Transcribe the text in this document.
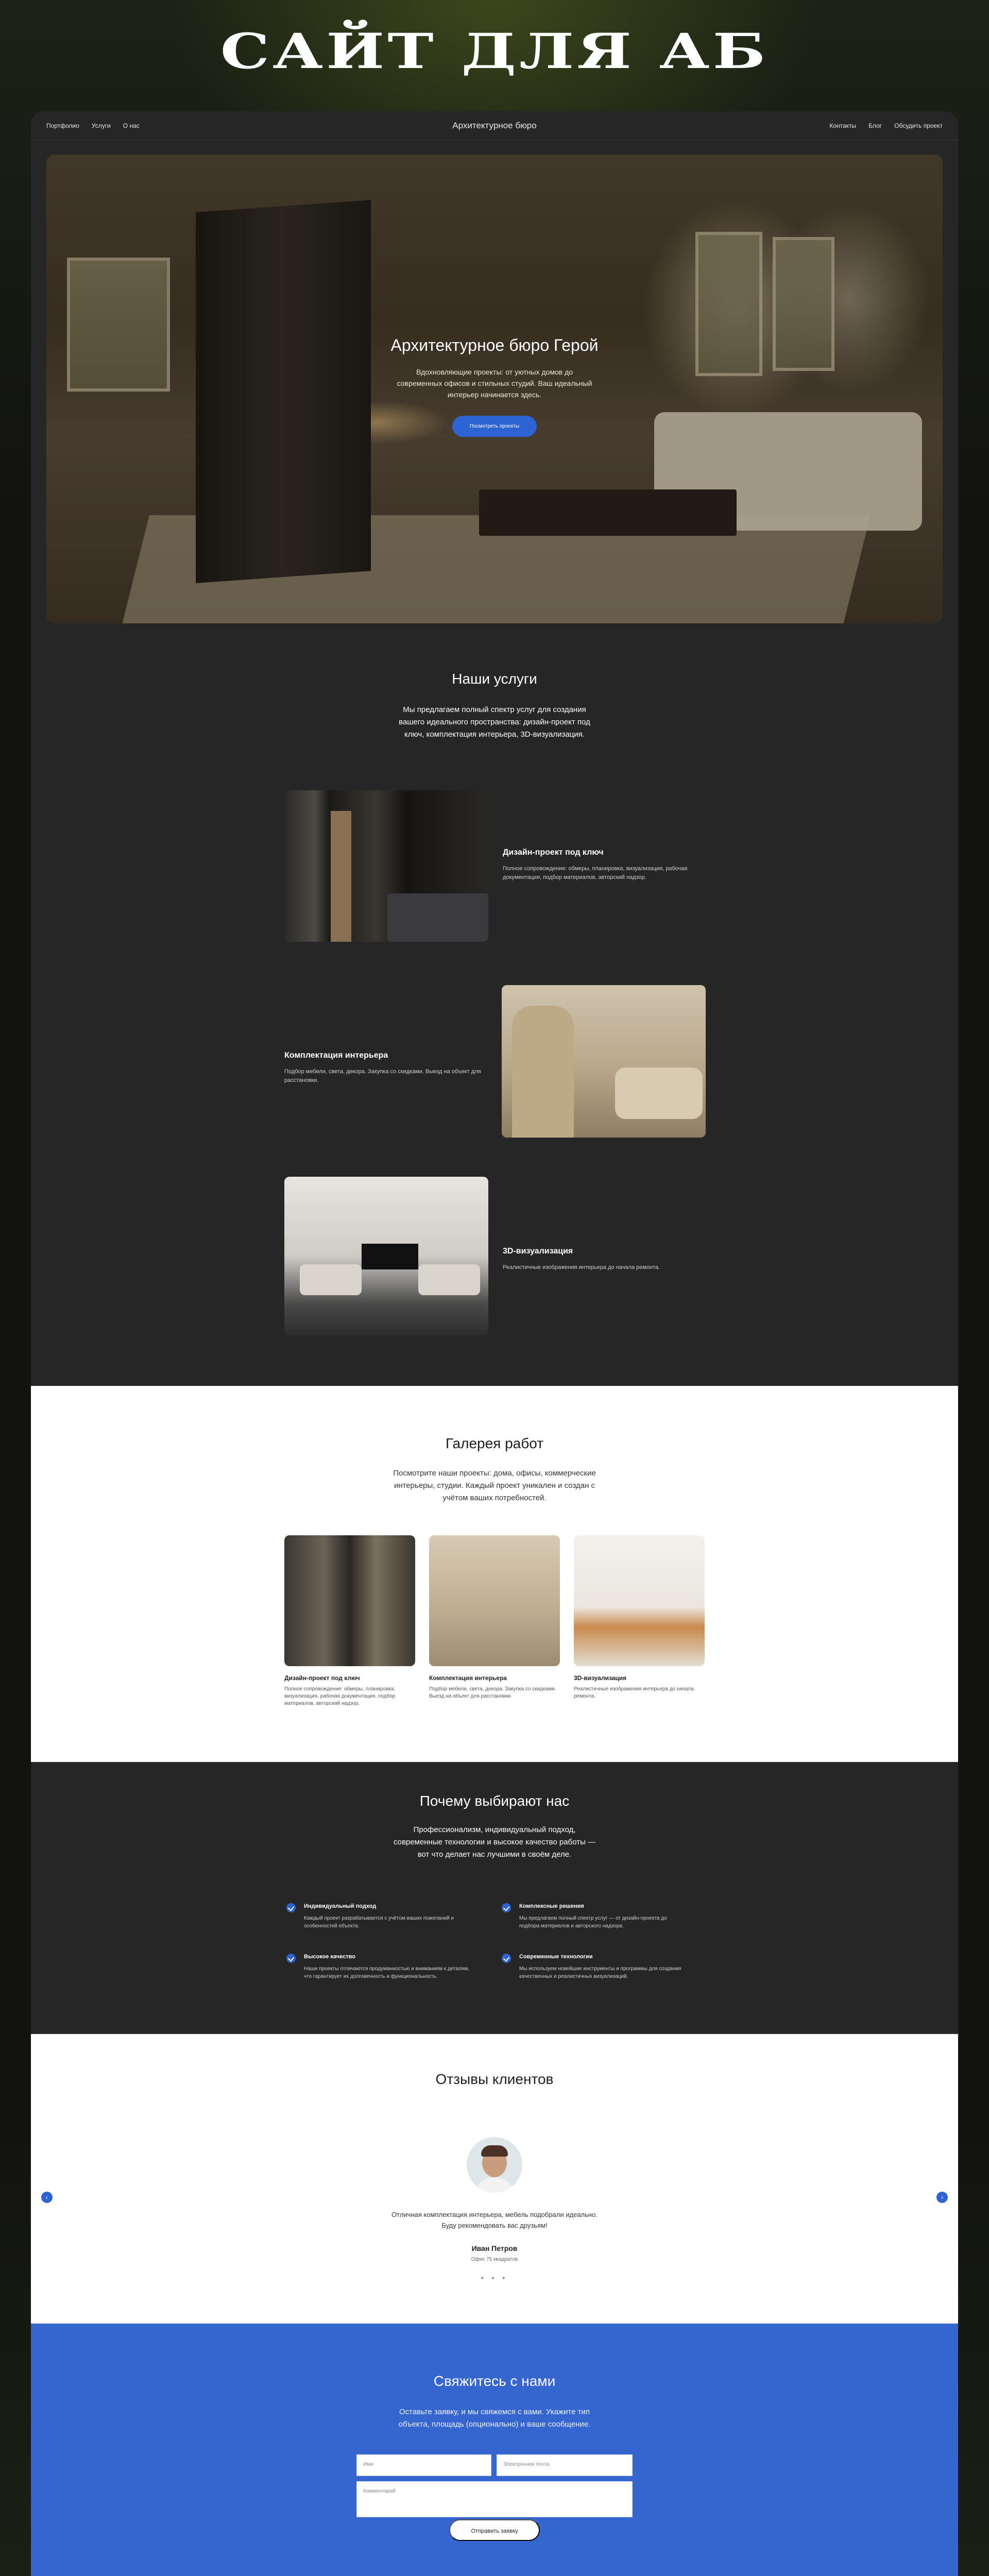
САЙТ ДЛЯ АБ
Портфолио Услуги О нас	Архитектурное бюро	Контакты Блог Обсудить проект
Архитектурное бюро Герой

Вдохновляющие проекты: от уютных домов до современных офисов и стильных студий. Ваш идеальный интерьер начинается здесь.

Посмотреть проекты
Наши услуги
Мы предлагаем полный спектр услуг для создания вашего идеального пространства: дизайн-проект под ключ, комплектация интерьера, 3D-визуализация.
Дизайн-проект под ключ

Полное сопровождение: обмеры, планировка, визуализация, рабочая документация, подбор материалов, авторский надзор.

Комплектация интерьера

Подбор мебели, света, декора. Закупка со скидками. Выезд на объект для расстановки.

3D-визуализация

Реалистичные изображения интерьера до начала ремонта.

Галерея работ
Посмотрите наши проекты: дома, офисы, коммерческие интерьеры, студии. Каждый проект уникален и создан с учётом ваших потребностей.
Дизайн-проект под ключ

Полное сопровождение: обмеры, планировка, визуализация, рабочая документация, подбор материалов, авторский надзор.

Комплектация интерьера

Подбор мебели, света, декора. Закупка со скидками. Выезд на объект для расстановки.

3D-визуализация

Реалистичные изображения интерьера до начала ремонта.

Почему выбирают нас
Профессионализм, индивидуальный подход, современные технологии и высокое качество работы — вот что делает нас лучшими в своём деле.
Индивидуальный подход

Каждый проект разрабатывается с учётом ваших пожеланий и особенностей объекта.

Комплексные решения

Мы предлагаем полный спектр услуг — от дизайн-проекта до подбора материалов и авторского надзора.

Высокое качество

Наши проекты отличаются продуманностью и вниманием к деталям, что гарантирует их долговечность и функциональность.

Современные технологии

Мы используем новейшие инструменты и программы для создания качественных и реалистичных визуализаций.

Отзывы клиентов
‹	›
Отличная комплектация интерьера, мебель подобрали идеально. Буду рекомендовать вас друзьям!
Иван Петров
Офис 75 квадратов
• • •
Свяжитесь с нами
Оставьте заявку, и мы свяжемся с вами. Укажите тип объекта, площадь (опционально) и ваше сообщение.
Имя	Электронная почта
Комментарий
Отправить заявку
